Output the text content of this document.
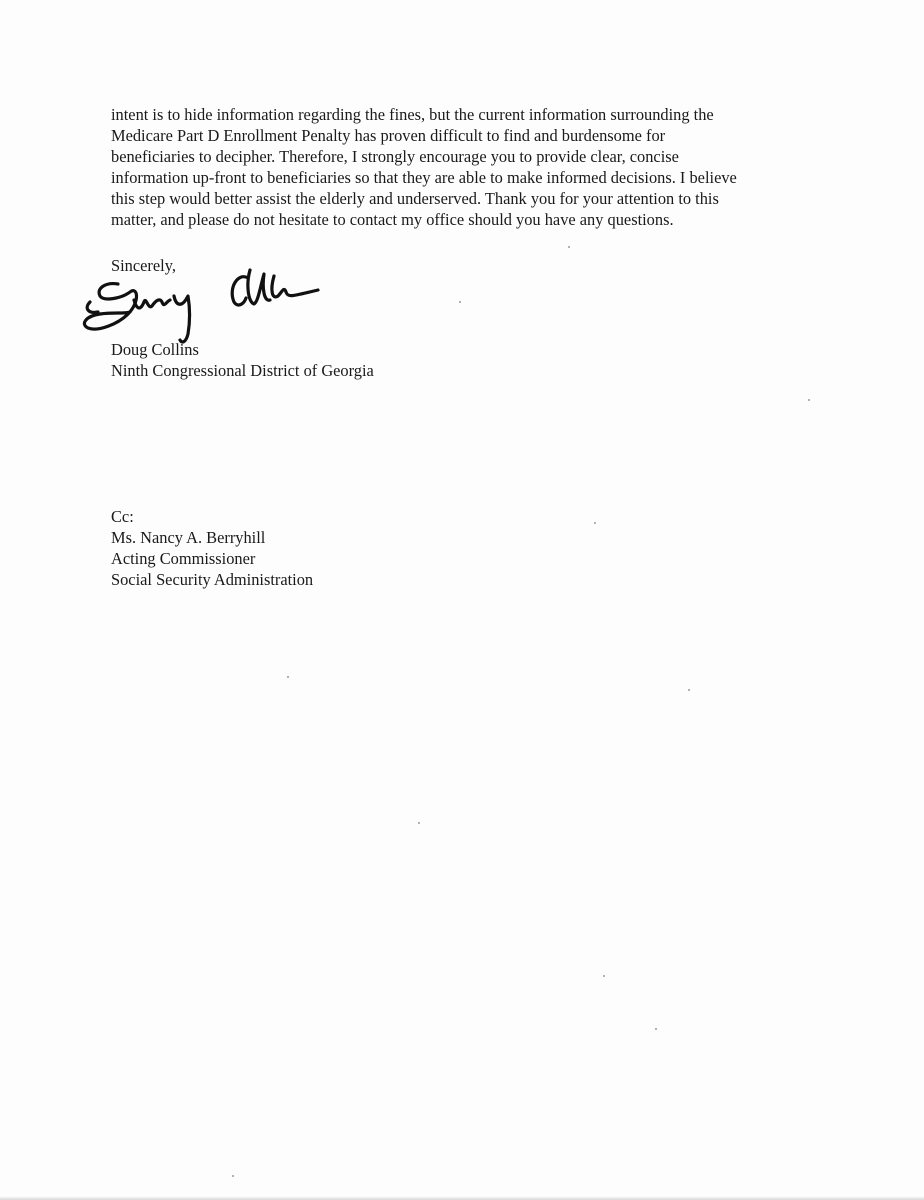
intent is to hide information regarding the fines, but the current information surrounding the
Medicare Part D Enrollment Penalty has proven difficult to find and burdensome for
beneficiaries to decipher. Therefore, I strongly encourage you to provide clear, concise
information up-front to beneficiaries so that they are able to make informed decisions. I believe
this step would better assist the elderly and underserved. Thank you for your attention to this
matter, and please do not hesitate to contact my office should you have any questions.
Sincerely,
Doug Collins
Ninth Congressional District of Georgia
Cc:
Ms. Nancy A. Berryhill
Acting Commissioner
Social Security Administration
